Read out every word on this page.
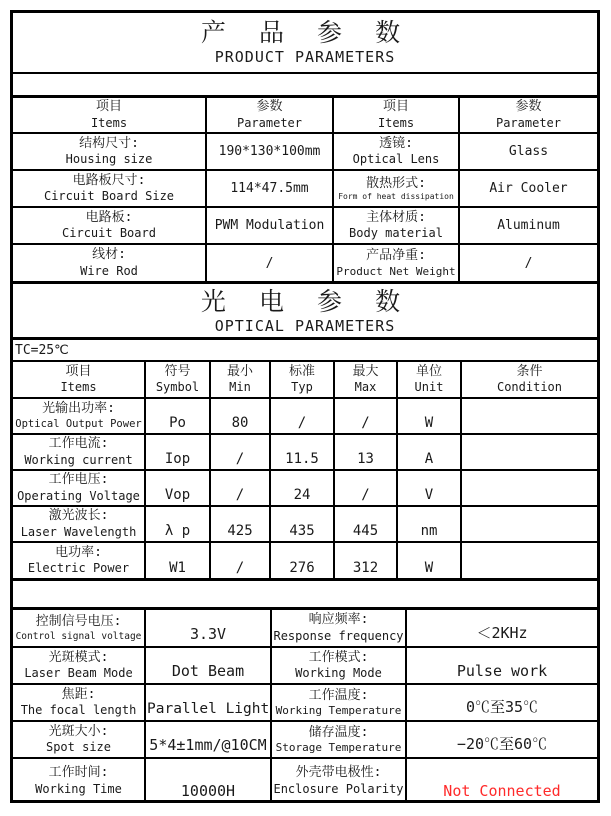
产 品 参 数
PRODUCT PARAMETERS
项目
Items	参数
Parameter	项目
Items	参数
Parameter

结构尺寸:
Housing size	190*130*100mm	透镜:
Optical Lens	Glass

电路板尺寸:
Circuit Board Size	114*47.5mm	散热形式:
Form of heat dissipation	Air Cooler

电路板:
Circuit Board	PWM Modulation	主体材质:
Body material	Aluminum

线材:
Wire Rod	/	产品净重:
Product Net Weight	/
光 电 参 数
OPTICAL PARAMETERS
TC=25℃
项目
Items	符号
Symbol	最小
Min	标准
Typ	最大
Max	单位
Unit	条件
Condition

光输出功率:
Optical Output Power	Po	80	/	/	W	

工作电流:
Working current	Iop	/	11.5	13	A	

工作电压:
Operating Voltage	Vop	/	24	/	V	

激光波长:
Laser Wavelength	λ p	425	435	445	nm	

电功率:
Electric Power	W1	/	276	312	W	
控制信号电压:
Control signal voltage	3.3V	响应频率:
Response frequency	＜2KHz

光斑模式:
Laser Beam Mode	Dot Beam	工作模式:
Working Mode	Pulse work

焦距:
The focal length	Parallel Light	工作温度:
Working Temperature	0℃至35℃

光斑大小:
Spot size	5*4±1mm/@10CM	储存温度:
Storage Temperature	−20℃至60℃

工作时间:
Working Time	10000H	外壳带电极性:
Enclosure Polarity	Not Connected
